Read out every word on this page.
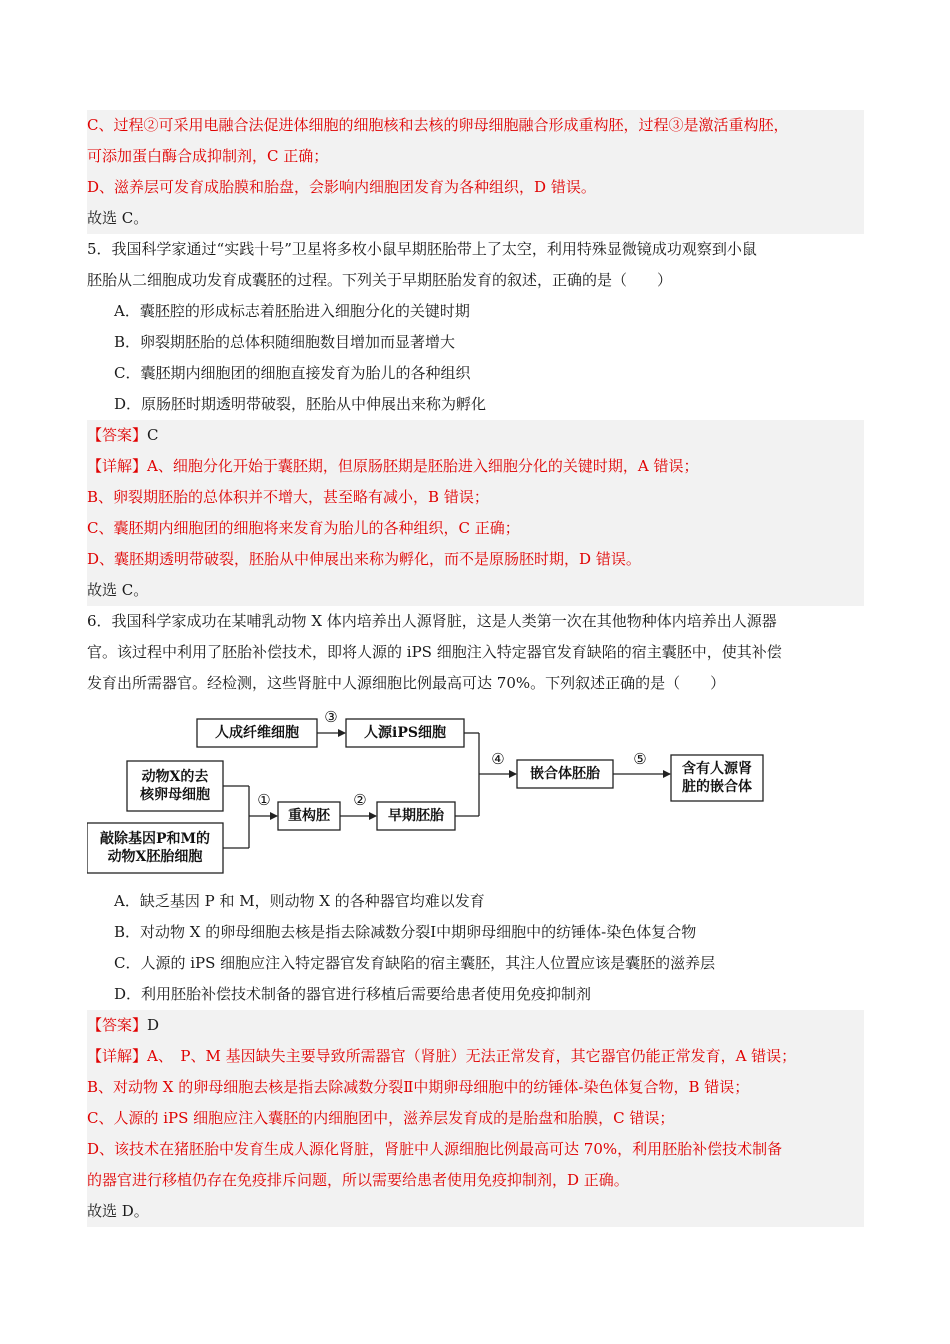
C、过程②可采用电融合法促进体细胞的细胞核和去核的卵母细胞融合形成重构胚，过程③是激活重构胚，
可添加蛋白酶合成抑制剂，C 正确；
D、滋养层可发育成胎膜和胎盘，会影响内细胞团发育为各种组织，D 错误。
故选 C。
5．我国科学家通过“实践十号”卫星将多枚小鼠早期胚胎带上了太空，利用特殊显微镜成功观察到小鼠
胚胎从二细胞成功发育成囊胚的过程。下列关于早期胚胎发育的叙述，正确的是（　　）
A．囊胚腔的形成标志着胚胎进入细胞分化的关键时期
B．卵裂期胚胎的总体积随细胞数目增加而显著增大
C．囊胚期内细胞团的细胞直接发育为胎儿的各种组织
D．原肠胚时期透明带破裂，胚胎从中伸展出来称为孵化
【答案】C
【详解】A、细胞分化开始于囊胚期，但原肠胚期是胚胎进入细胞分化的关键时期，A 错误；
B、卵裂期胚胎的总体积并不增大，甚至略有减小，B 错误；
C、囊胚期内细胞团的细胞将来发育为胎儿的各种组织，C 正确；
D、囊胚期透明带破裂，胚胎从中伸展出来称为孵化，而不是原肠胚时期，D 错误。
故选 C。
6．我国科学家成功在某哺乳动物 X 体内培养出人源肾脏，这是人类第一次在其他物种体内培养出人源器
官。该过程中利用了胚胎补偿技术，即将人源的 iPS 细胞注入特定器官发育缺陷的宿主囊胚中，使其补偿
发育出所需器官。经检测，这些肾脏中人源细胞比例最高可达 70%。下列叙述正确的是（　　）
人成纤维细胞	人源iPS细胞
动物X的去
核卵母细胞
敲除基因P和M的
动物X胚胎细胞
重构胚	早期胚胎
嵌合体胚胎	含有人源肾
脏的嵌合体
③
①	②
④	⑤
A．缺乏基因 P 和 M，则动物 X 的各种器官均难以发育
B．对动物 X 的卵母细胞去核是指去除减数分裂Ⅰ中期卵母细胞中的纺锤体-染色体复合物
C．人源的 iPS 细胞应注入特定器官发育缺陷的宿主囊胚，其注人位置应该是囊胚的滋养层
D．利用胚胎补偿技术制备的器官进行移植后需要给患者使用免疫抑制剂
【答案】D
【详解】A、　P、M 基因缺失主要导致所需器官（肾脏）无法正常发育，其它器官仍能正常发育，A 错误；
B、对动物 X 的卵母细胞去核是指去除减数分裂Ⅱ中期卵母细胞中的纺锤体-染色体复合物，B 错误；
C、人源的 iPS 细胞应注入囊胚的内细胞团中，滋养层发育成的是胎盘和胎膜，C 错误；
D、该技术在猪胚胎中发育生成人源化肾脏，肾脏中人源细胞比例最高可达 70%，利用胚胎补偿技术制备
的器官进行移植仍存在免疫排斥问题，所以需要给患者使用免疫抑制剂，D 正确。
故选 D。
